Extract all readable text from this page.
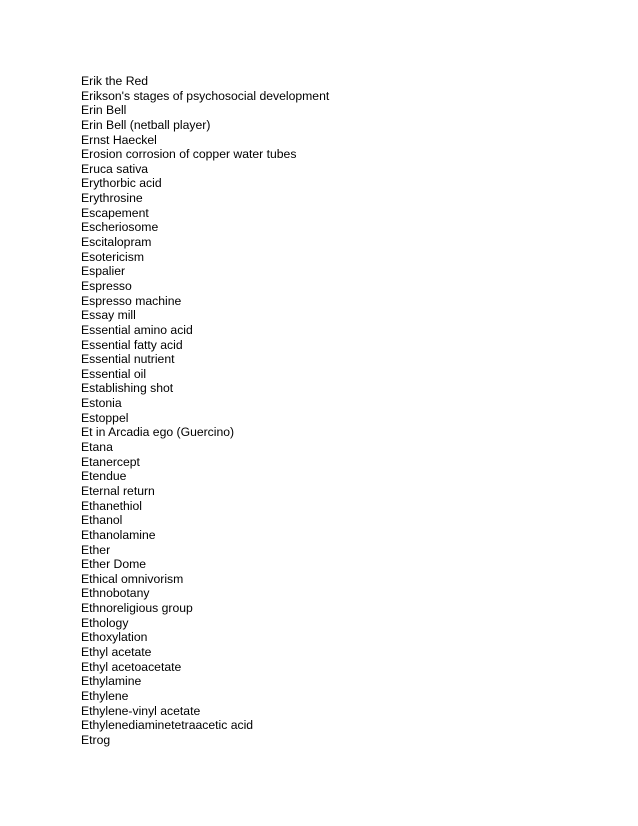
Erik the Red
Erikson's stages of psychosocial development
Erin Bell
Erin Bell (netball player)
Ernst Haeckel
Erosion corrosion of copper water tubes
Eruca sativa
Erythorbic acid
Erythrosine
Escapement
Escheriosome
Escitalopram
Esotericism
Espalier
Espresso
Espresso machine
Essay mill
Essential amino acid
Essential fatty acid
Essential nutrient
Essential oil
Establishing shot
Estonia
Estoppel
Et in Arcadia ego (Guercino)
Etana
Etanercept
Etendue
Eternal return
Ethanethiol
Ethanol
Ethanolamine
Ether
Ether Dome
Ethical omnivorism
Ethnobotany
Ethnoreligious group
Ethology
Ethoxylation
Ethyl acetate
Ethyl acetoacetate
Ethylamine
Ethylene
Ethylene-vinyl acetate
Ethylenediaminetetraacetic acid
Etrog
